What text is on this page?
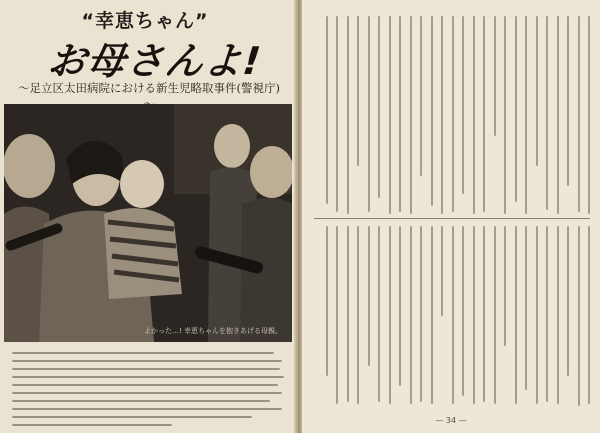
“幸恵ちゃん”
お母さんよ!
～足立区太田病院における新生児略取事件(警視庁)
よかった…! 幸恵ちゃんを抱きあげる母親。
— 34 —
